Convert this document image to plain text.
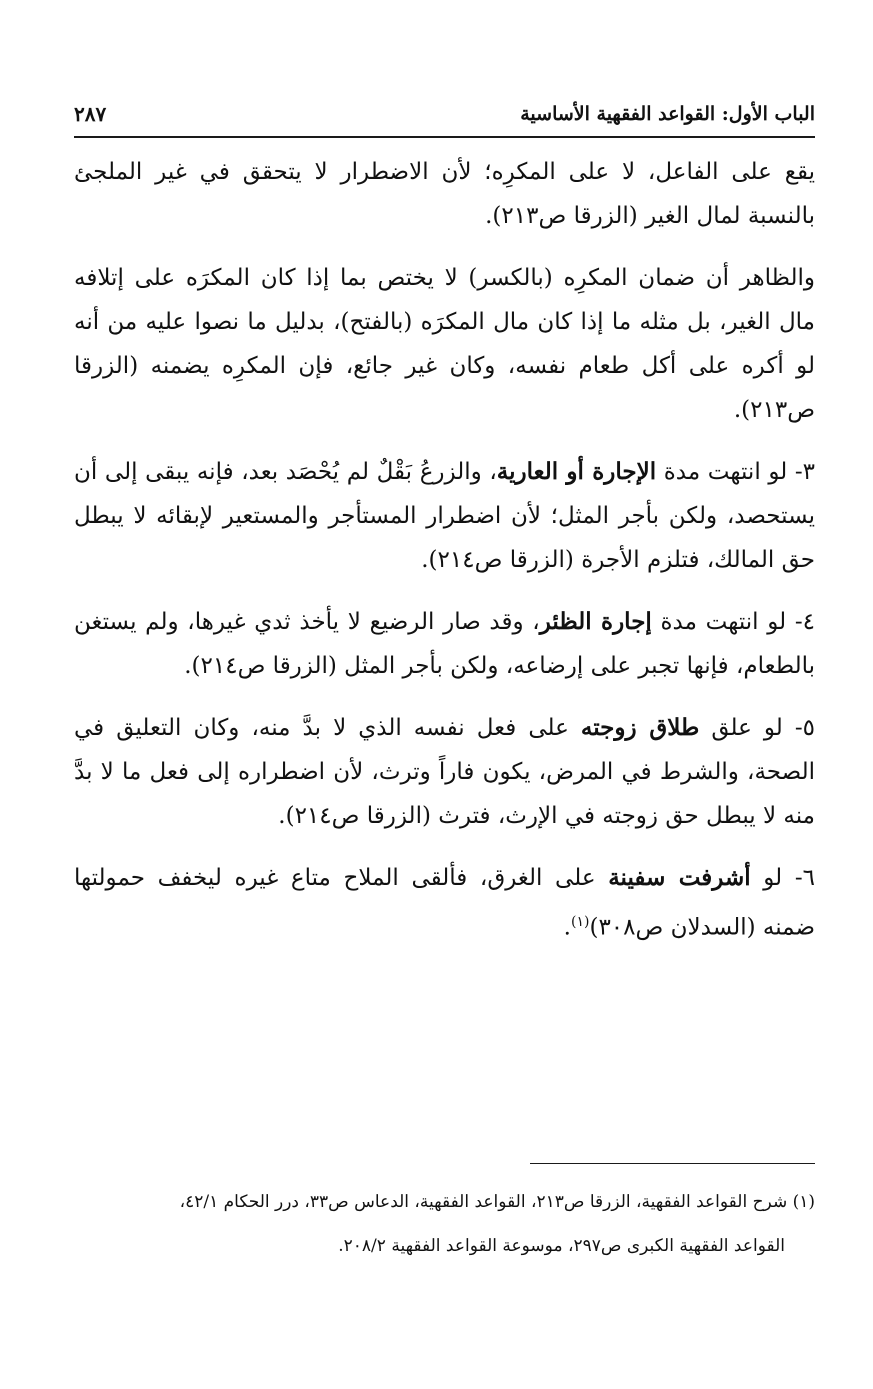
الباب الأول: القواعد الفقهية الأساسية
٢٨٧

يقع على الفاعل، لا على المكرِه؛ لأن الاضطرار لا يتحقق في غير الملجئ بالنسبة لمال الغير (الزرقا ص٢١٣).

والظاهر أن ضمان المكرِه (بالكسر) لا يختص بما إذا كان المكرَه على إتلافه مال الغير، بل مثله ما إذا كان مال المكرَه (بالفتح)، بدليل ما نصوا عليه من أنه لو أكره على أكل طعام نفسه، وكان غير جائع، فإن المكرِه يضمنه (الزرقا ص٢١٣).

٣- لو انتهت مدة الإجارة أو العارية، والزرعُ بَقْلٌ لم يُحْصَد بعد، فإنه يبقى إلى أن يستحصد، ولكن بأجر المثل؛ لأن اضطرار المستأجر والمستعير لإبقائه لا يبطل حق المالك، فتلزم الأجرة (الزرقا ص٢١٤).

٤- لو انتهت مدة إجارة الظئر، وقد صار الرضيع لا يأخذ ثدي غيرها، ولم يستغن بالطعام، فإنها تجبر على إرضاعه، ولكن بأجر المثل (الزرقا ص٢١٤).

٥- لو علق طلاق زوجته على فعل نفسه الذي لا بدَّ منه، وكان التعليق في الصحة، والشرط في المرض، يكون فاراً وترث، لأن اضطراره إلى فعل ما لا بدَّ منه لا يبطل حق زوجته في الإرث، فترث (الزرقا ص٢١٤).

٦- لو أشرفت سفينة على الغرق، فألقى الملاح متاع غيره ليخفف حمولتها ضمنه (السدلان ص٣٠٨)$^{(١)}$.

(١) شرح القواعد الفقهية، الزرقا ص٢١٣، القواعد الفقهية، الدعاس ص٣٣، درر الحكام ٤٢/١،
القواعد الفقهية الكبرى ص٢٩٧، موسوعة القواعد الفقهية ٢٠٨/٢.
